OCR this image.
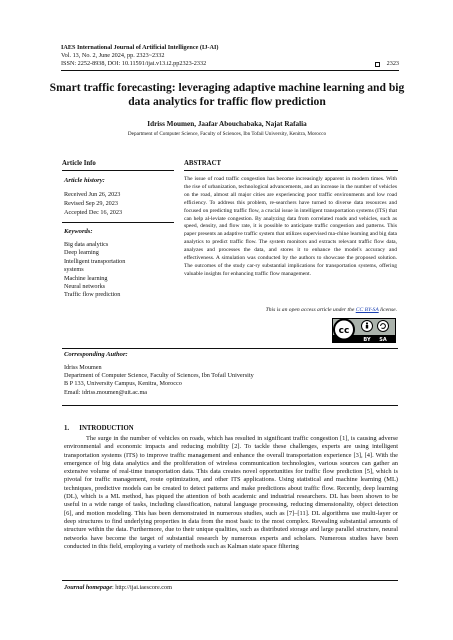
IAES International Journal of Artificial Intelligence (IJ-AI)
Vol. 13, No. 2, June 2024, pp. 2323~2332
ISSN: 2252-8938, DOI: 10.11591/ijai.v13.i2.pp2323-2332	2323
Smart traffic forecasting: leveraging adaptive machine learning and big data analytics for traffic flow prediction
Idriss Moumen, Jaafar Abouchabaka, Najat Rafalia
Department of Computer Science, Faculty of Sciences, Ibn Tofail University, Kenitra, Morocco
Article Info	ABSTRACT
Article history:
Received Jun 26, 2023
Revised Sep 29, 2023
Accepted Dec 16, 2023
Keywords:
Big data analytics
Deep learning
Intelligent transportation
systems
Machine learning
Neural networks
Traffic flow prediction
The issue of road traffic congestion has become increasingly apparent in modern times. With the rise of urbanization, technological advancements, and an increase in the number of vehicles on the road, almost all major cities are experiencing poor traffic environments and low road efficiency. To address this problem, re-searchers have turned to diverse data resources and focused on predicting traffic flow, a crucial issue in intelligent transportation systems (ITS) that can help al-leviate congestion. By analyzing data from correlated roads and vehicles, such as speed, density, and flow rate, it is possible to anticipate traffic congestion and patterns. This paper presents an adaptive traffic system that utilizes supervised ma-chine learning and big data analytics to predict traffic flow. The system monitors and extracts relevant traffic flow data, analyzes and processes the data, and stores it to enhance the model's accuracy and effectiveness. A simulation was conducted by the authors to showcase the proposed solution. The outcomes of the study car-ry substantial implications for transportation systems, offering valuable insights for enhancing traffic flow management.
This is an open access article under the CC BY-SA license.
cc
BY SA
Corresponding Author:
Idriss Moumen
Department of Computer Science, Faculty of Sciences, Ibn Tofail University
B P 133, University Campus, Kenitra, Morocco
Email: idriss.moumen@uit.ac.ma
1.      INTRODUCTION

The surge in the number of vehicles on roads, which has resulted in significant traffic congestion [1], is causing adverse environmental and economic impacts and reducing mobility [2]. To tackle these challenges, experts are using intelligent transportation systems (ITS) to improve traffic management and enhance the overall transportation experience [3], [4]. With the emergence of big data analytics and the proliferation of wireless communication technologies, various sources can gather an extensive volume of real-time transportation data. This data creates novel opportunities for traffic flow prediction [5], which is pivotal for traffic management, route optimization, and other ITS applications. Using statistical and machine learning (ML) techniques, predictive models can be created to detect patterns and make predictions about traffic flow. Recently, deep learning (DL), which is a ML method, has piqued the attention of both academic and industrial researchers. DL has been shown to be useful in a wide range of tasks, including classification, natural language processing, reducing dimensionality, object detection [6], and motion modeling. This has been demonstrated in numerous studies, such as [7]–[11]. DL algorithms use multi-layer or deep structures to find underlying properties in data from the most basic to the most complex. Revealing substantial amounts of structure within the data. Furthermore, due to their unique qualities, such as distributed storage and large parallel structure, neural networks have become the target of substantial research by numerous experts and scholars. Numerous studies have been conducted in this field, employing a variety of methods such as Kalman state space filtering

Journal homepage: http://ijai.iaescore.com
